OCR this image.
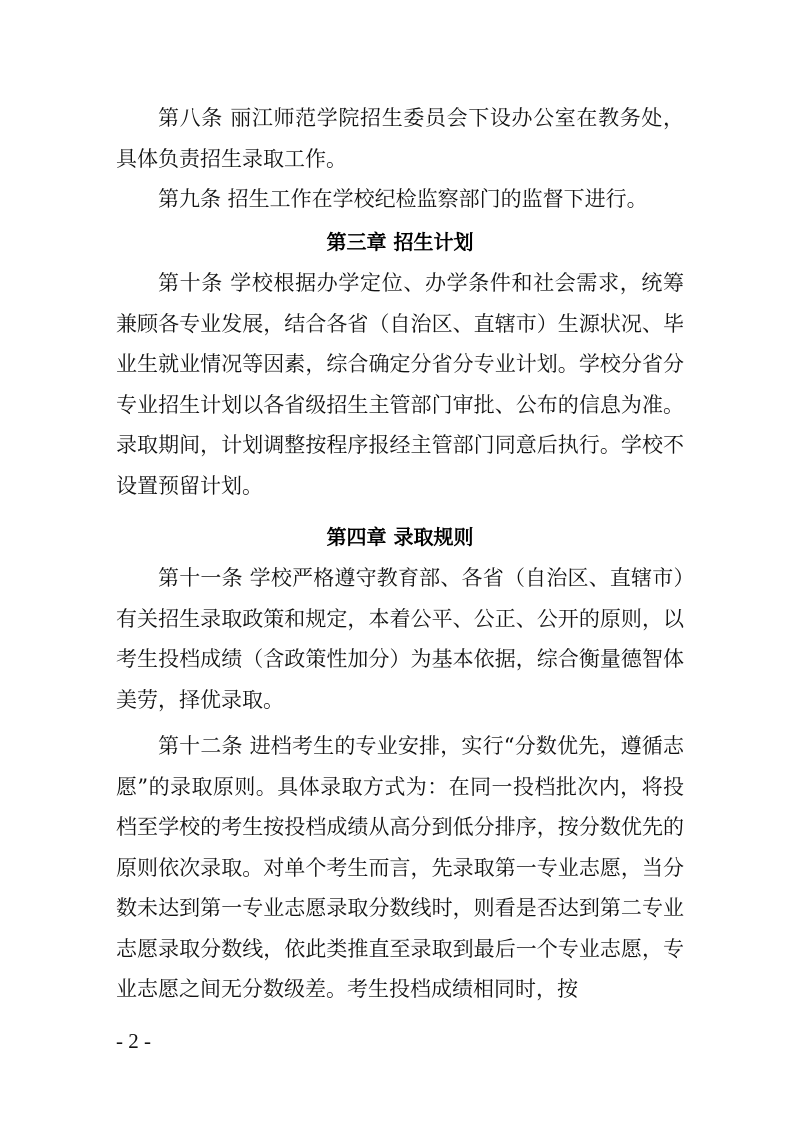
第八条 丽江师范学院招生委员会下设办公室在教务处，具体负责招生录取工作。

第九条 招生工作在学校纪检监察部门的监督下进行。

第三章 招生计划

第十条 学校根据办学定位、办学条件和社会需求，统筹兼顾各专业发展，结合各省（自治区、直辖市）生源状况、毕业生就业情况等因素，综合确定分省分专业计划。学校分省分专业招生计划以各省级招生主管部门审批、公布的信息为准。录取期间，计划调整按程序报经主管部门同意后执行。学校不设置预留计划。

第四章 录取规则

第十一条 学校严格遵守教育部、各省（自治区、直辖市）有关招生录取政策和规定，本着公平、公正、公开的原则，以考生投档成绩（含政策性加分）为基本依据，综合衡量德智体美劳，择优录取。

第十二条 进档考生的专业安排，实行“分数优先，遵循志愿”的录取原则。具体录取方式为：在同一投档批次内，将投档至学校的考生按投档成绩从高分到低分排序，按分数优先的原则依次录取。对单个考生而言，先录取第一专业志愿，当分数未达到第一专业志愿录取分数线时，则看是否达到第二专业志愿录取分数线，依此类推直至录取到最后一个专业志愿，专业志愿之间无分数级差。考生投档成绩相同时，按

- 2 -
